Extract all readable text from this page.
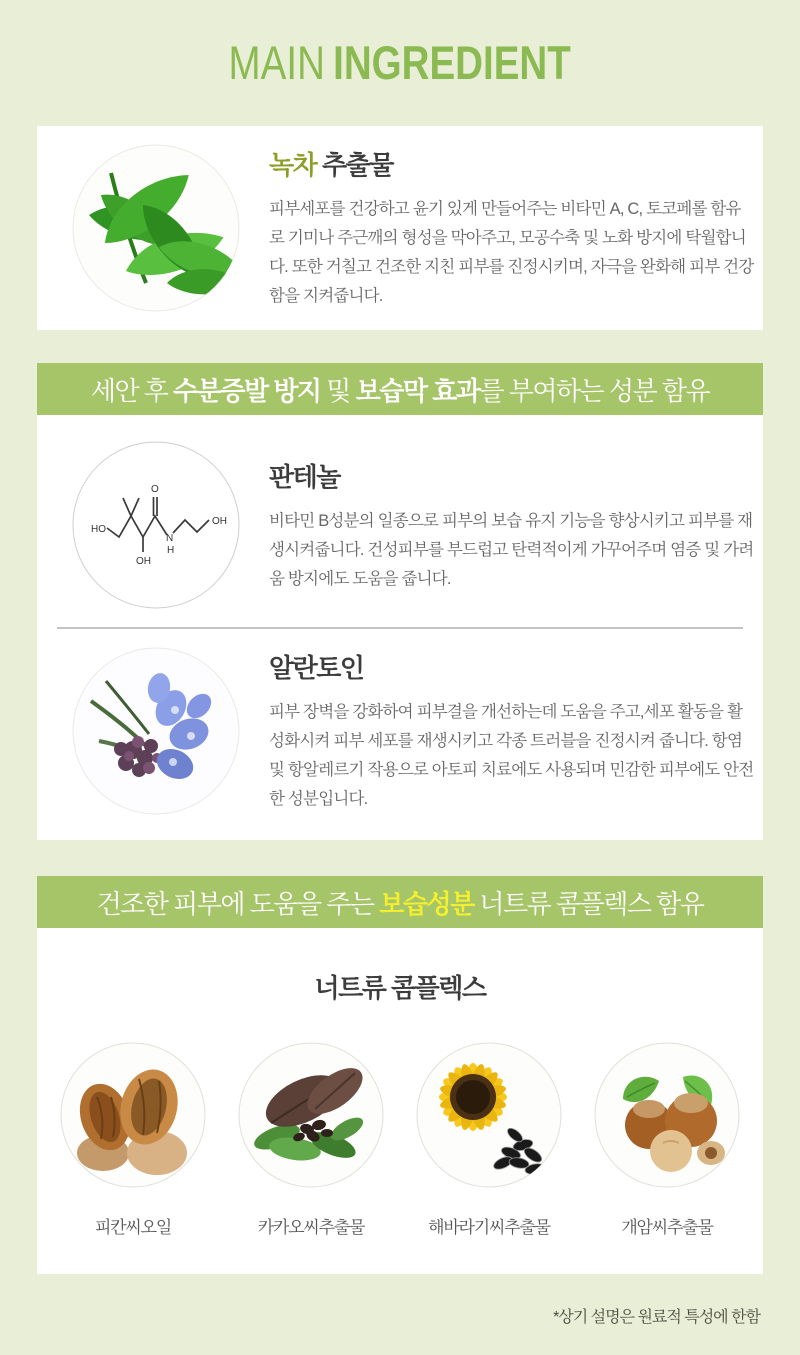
MAIN INGREDIENT

녹차 추출물

피부세포를 건강하고 윤기 있게 만들어주는 비타민 A, C, 토코페롤 함유로 기미나 주근깨의 형성을 막아주고, 모공수축 및 노화 방지에 탁월합니다. 또한 거칠고 건조한 지친 피부를 진정시키며, 자극을 완화해 피부 건강함을 지켜줍니다.

세안 후 수분증발 방지 및 보습막 효과 를 부여하는 성분 함유
HO
OH
O
N
H
OH

판테놀

비타민 B성분의 일종으로 피부의 보습 유지 기능을 향상시키고 피부를 재생시켜줍니다. 건성피부를 부드럽고 탄력적이게 가꾸어주며 염증 및 가려움 방지에도 도움을 줍니다.

알란토인

피부 장벽을 강화하여 피부결을 개선하는데 도움을 주고,세포 활동을 활성화시켜 피부 세포를 재생시키고 각종 트러블을 진정시켜 줍니다. 항염 및 항알레르기 작용으로 아토피 치료에도 사용되며 민감한 피부에도 안전한 성분입니다.

건조한 피부에 도움을 주는 보습성분 너트류 콤플렉스 함유

너트류 콤플렉스

피칸씨오일	카카오씨추출물	해바라기씨추출물	개암씨추출물
*상기 설명은 원료적 특성에 한함
